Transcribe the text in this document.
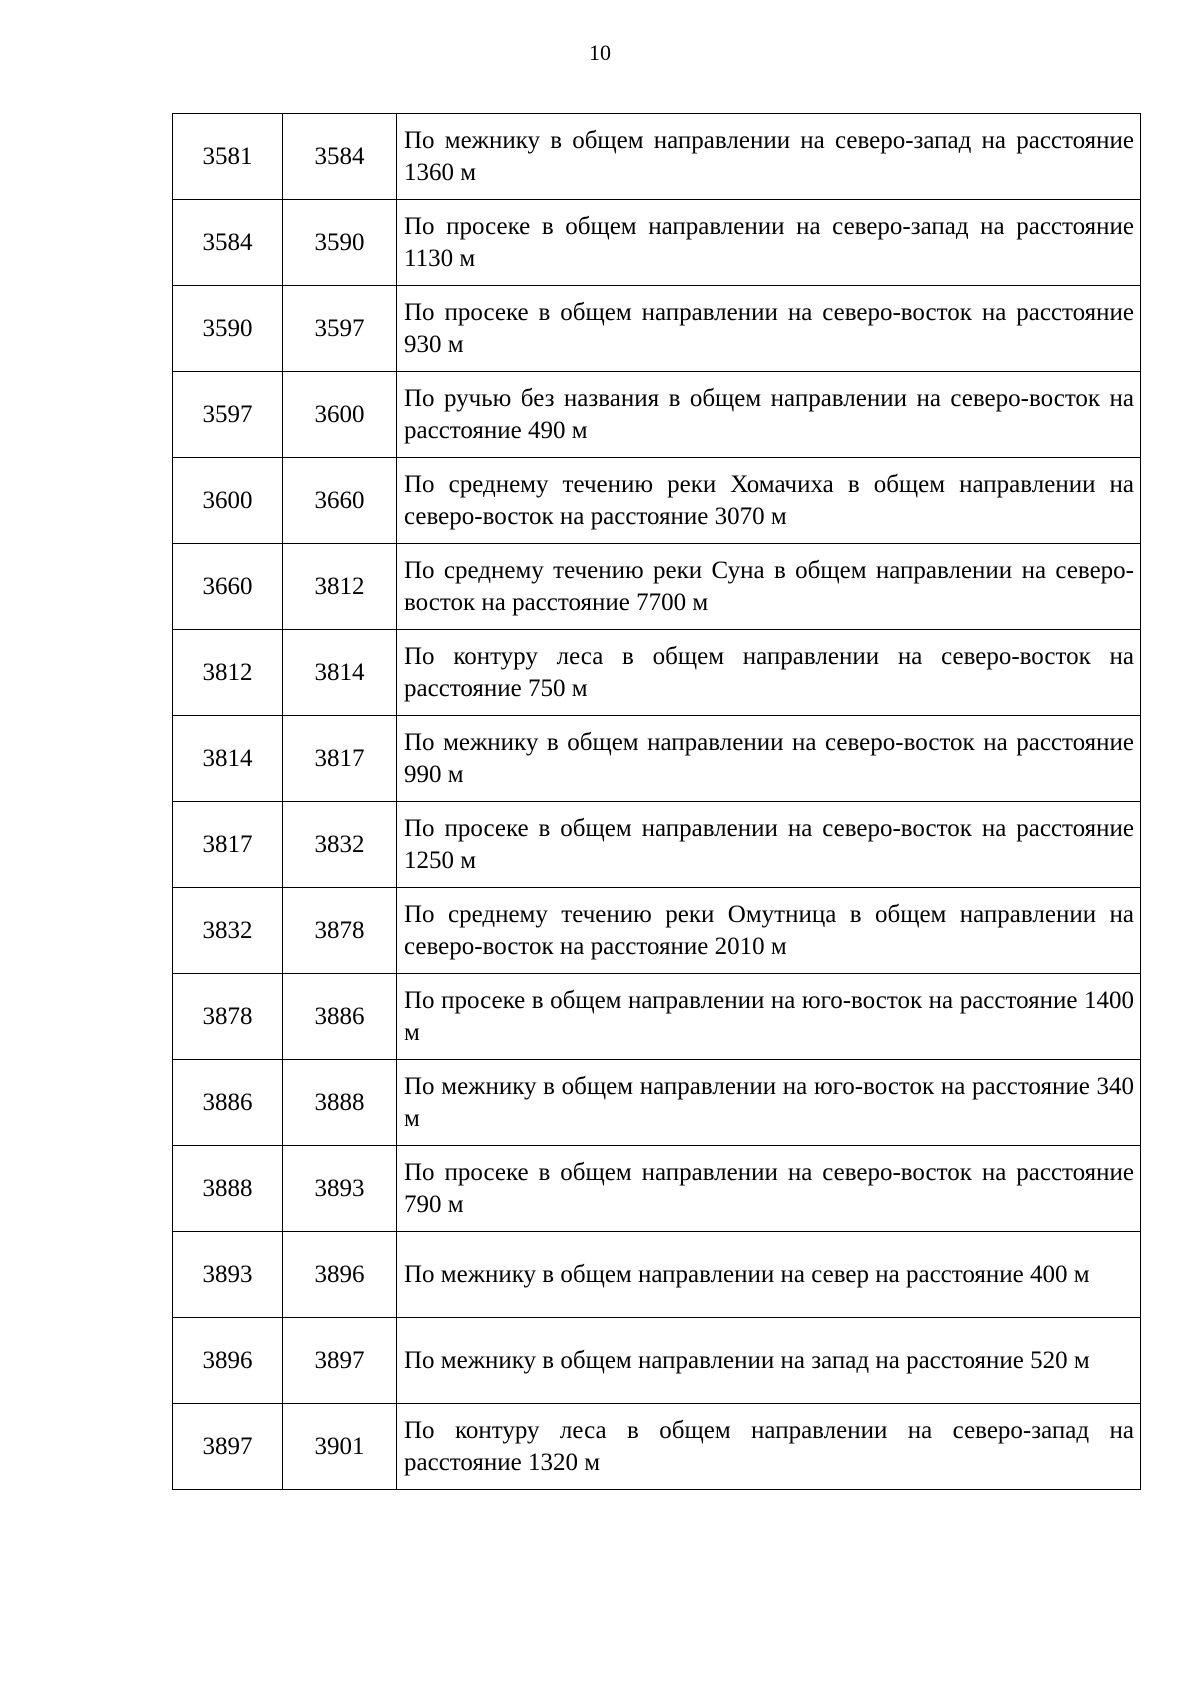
10
3581	3584	По межнику в общем направлении на северо-запад на расстояние 1360 м

3584	3590	По просеке в общем направлении на северо-запад на расстояние 1130 м

3590	3597	По просеке в общем направлении на северо-восток на расстояние 930 м

3597	3600	По ручью без названия в общем направлении на северо-восток на расстояние 490 м

3600	3660	По среднему течению реки Хомачиха в общем направлении на северо-восток на расстояние 3070 м

3660	3812	По среднему течению реки Суна в общем направлении на северо-восток на расстояние 7700 м

3812	3814	По контуру леса в общем направлении на северо-восток на расстояние 750 м

3814	3817	По межнику в общем направлении на северо-восток на расстояние 990 м

3817	3832	По просеке в общем направлении на северо-восток на расстояние 1250 м

3832	3878	По среднему течению реки Омутница в общем направлении на северо-восток на расстояние 2010 м

3878	3886	По просеке в общем направлении на юго-восток на расстояние 1400 м

3886	3888	По межнику в общем направлении на юго-восток на расстояние 340 м

3888	3893	По просеке в общем направлении на северо-восток на расстояние 790 м

3893	3896	По межнику в общем направлении на север на расстояние 400 м

3896	3897	По межнику в общем направлении на запад на расстояние 520 м

3897	3901	По контуру леса в общем направлении на северо-запад на расстояние 1320 м
